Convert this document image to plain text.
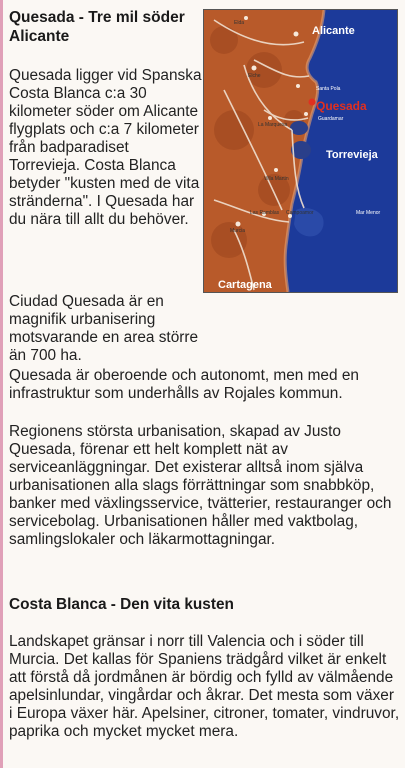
Quesada - Tre mil söder Alicante

Quesada ligger vid Spanska Costa Blanca c:a 30 kilometer söder om Alicante flygplats och c:a 7 kilometer från badparadiset Torrevieja. Costa Blanca betyder "kusten med de vita stränderna". I Quesada har du nära till allt du behöver.

Ciudad Quesada är en magnifik urbanisering motsvarande en area större än 700 ha.

Quesada är oberoende och autonomt, men med en infrastruktur som underhålls av Rojales kommun.

Regionens största urbanisation, skapad av Justo Quesada, förenar ett helt komplett nät av serviceanläggningar. Det existerar alltså inom själva urbanisationen alla slags förrättningar som snabbköp, banker med växlingsservice, tvätterier, restauranger och servicebolag. Urbanisationen håller med vaktbolag, samlingslokaler och läkarmottagningar.

Costa Blanca - Den vita kusten

Landskapet gränsar i norr till Valencia och i söder till Murcia. Det kallas för Spaniens trädgård vilket är enkelt att förstå då jordmånen är bördig och fylld av välmående apelsinlundar, vingårdar och åkrar. Det mesta som växer i Europa växer här. Apelsiner, citroner, tomater, vindruvor, paprika och mycket mycket mera.

Elda
Alicante
Elche
Santa Pola
Quesada
Guardamar
La Marquesa
Torrevieja
Villa Martin
Las Ramblas Campoamor	Mar Menor
Murcia
Cartagena
